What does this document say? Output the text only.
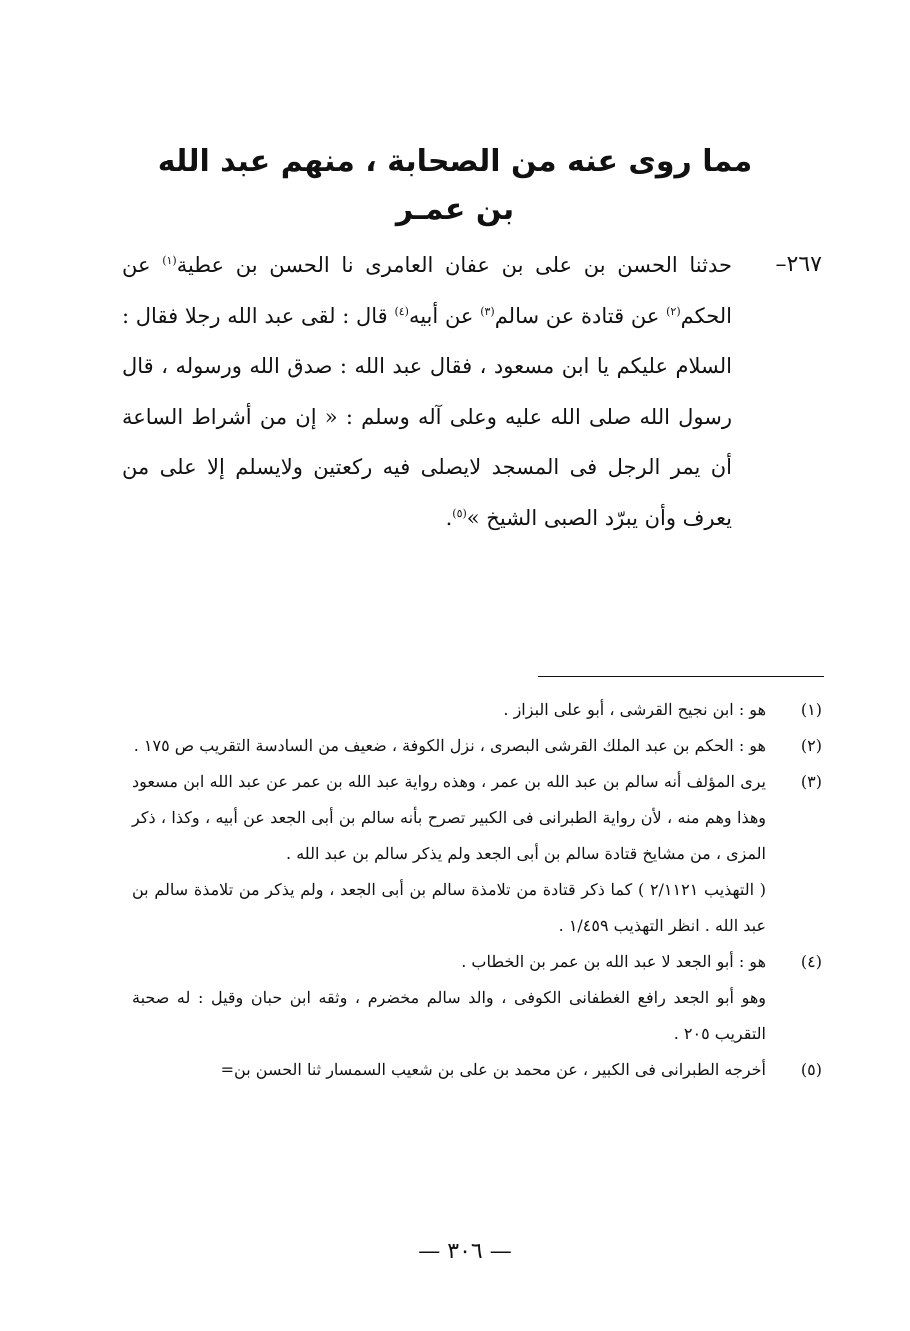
مما روى عنه من الصحابة ، منهم عبد الله بن عمـر
٢٦٧–
حدثنا الحسن بن على بن عفان العامرى نا الحسن بن عطية$^{(١)}$ عن الحكم$^{(٢)}$ عن قتادة عن سالم$^{(٣)}$ عن أبيه$^{(٤)}$ قال : لقى عبد الله رجلا فقال : السلام عليكم يا ابن مسعود ، فقال عبد الله : صدق الله ورسوله ، قال رسول الله صلى الله عليه وعلى آله وسلم : « إن من أشراط الساعة أن يمر الرجل فى المسجد لايصلى فيه ركعتين ولايسلم إلا على من يعرف وأن يبرّد الصبى الشيخ »$^{(٥)}$.
(١)
هو : ابن نجيح القرشى ، أبو على البزاز .
(٢)
هو : الحكم بن عبد الملك القرشى البصرى ، نزل الكوفة ، ضعيف من السادسة التقريب ص ١٧٥ .
(٣)
يرى المؤلف أنه سالم بن عبد الله بن عمر ، وهذه رواية عبد الله بن عمر عن عبد الله ابن مسعود وهذا وهم منه ، لأن رواية الطبرانى فى الكبير تصرح بأنه سالم بن أبى الجعد عن أبيه ، وكذا ، ذكر المزى ، من مشايخ قتادة سالم بن أبى الجعد ولم يذكر سالم بن عبد الله .
( التهذيب ٢/١١٢١ ) كما ذكر قتادة من تلامذة سالم بن أبى الجعد ، ولم يذكر من تلامذة سالم بن عبد الله . انظر التهذيب ١/٤٥٩ .
(٤)
هو : أبو الجعد لا عبد الله بن عمر بن الخطاب .
وهو أبو الجعد رافع الغطفانى الكوفى ، والد سالم مخضرم ، وثقه ابن حبان وقيل : له صحبة التقريب ٢٠٥ .
(٥)
أخرجه الطبرانى فى الكبير ، عن محمد بن على بن شعيب السمسار ثنا الحسن بن=
— ٣٠٦ —
